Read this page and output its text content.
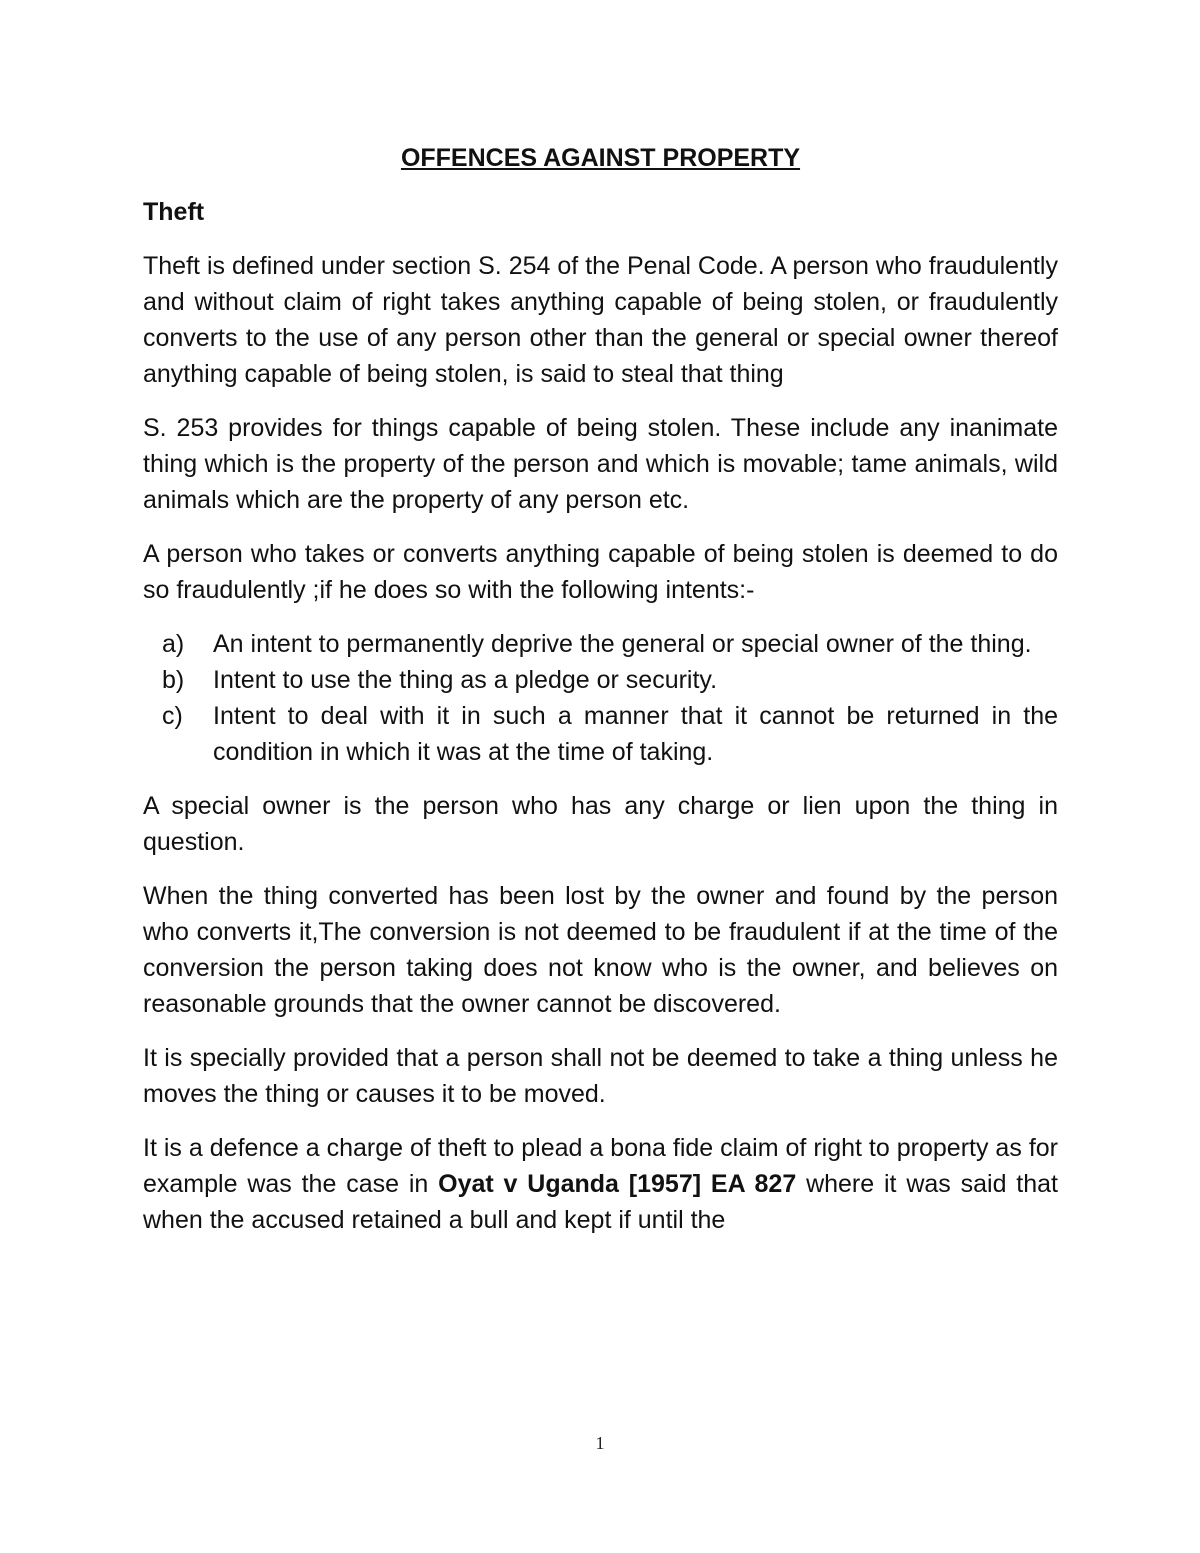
OFFENCES AGAINST PROPERTY
Theft

Theft is defined under section S. 254 of the Penal Code. A person who fraudulently and without claim of right takes anything capable of being stolen, or fraudulently converts to the use of any person other than the general or special owner thereof anything capable of being stolen, is said to steal that thing

S. 253 provides for things capable of being stolen. These include any inanimate thing which is the property of the person and which is movable; tame animals, wild animals which are the property of any person etc.

A person who takes or converts anything capable of being stolen is deemed to do so fraudulently ;if he does so with the following intents:-

a) An intent to permanently deprive the general or special owner of the thing.
b) Intent to use the thing as a pledge or security.
c) Intent to deal with it in such a manner that it cannot be returned in the condition in which it was at the time of taking.

A special owner is the person who has any charge or lien upon the thing in question.

When the thing converted has been lost by the owner and found by the person who converts it,The conversion is not deemed to be fraudulent if at the time of the conversion the person taking does not know who is the owner, and believes on reasonable grounds that the owner cannot be discovered.

It is specially provided that a person shall not be deemed to take a thing unless he moves the thing or causes it to be moved.

It is a defence a charge of theft to plead a bona fide claim of right to property as for example was the case in Oyat v Uganda [1957] EA 827 where it was said that when the accused retained a bull and kept if until the

1
